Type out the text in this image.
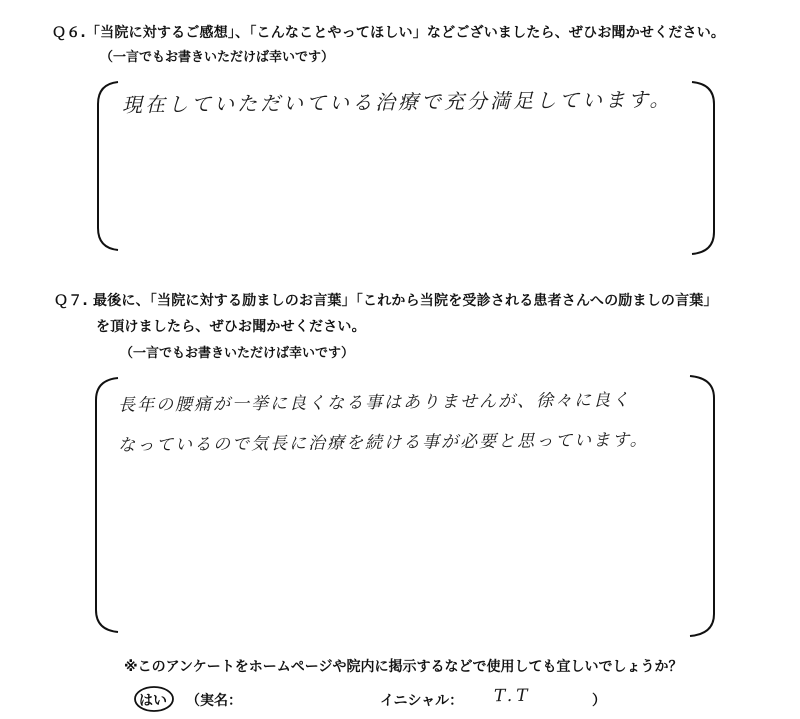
Ｑ６.「当院に対するご感想」、「こんなことやってほしい」などございましたら、ぜひお聞かせください。
（一言でもお書きいただけば幸いです）
現在していただいている治療で充分満足しています。
Ｑ７. 最後に、「当院に対する励ましのお言葉」「これから当院を受診される患者さんへの励ましの言葉」
を頂けましたら、ぜひお聞かせください。
（一言でもお書きいただけば幸いです）
長年の腰痛が一挙に良くなる事はありませんが、徐々に良く
なっているので気長に治療を続ける事が必要と思っています。
※このアンケートをホームページや院内に掲示するなどで使用しても宜しいでしょうか？
はい （実名：	イニシャル： T.T	）
